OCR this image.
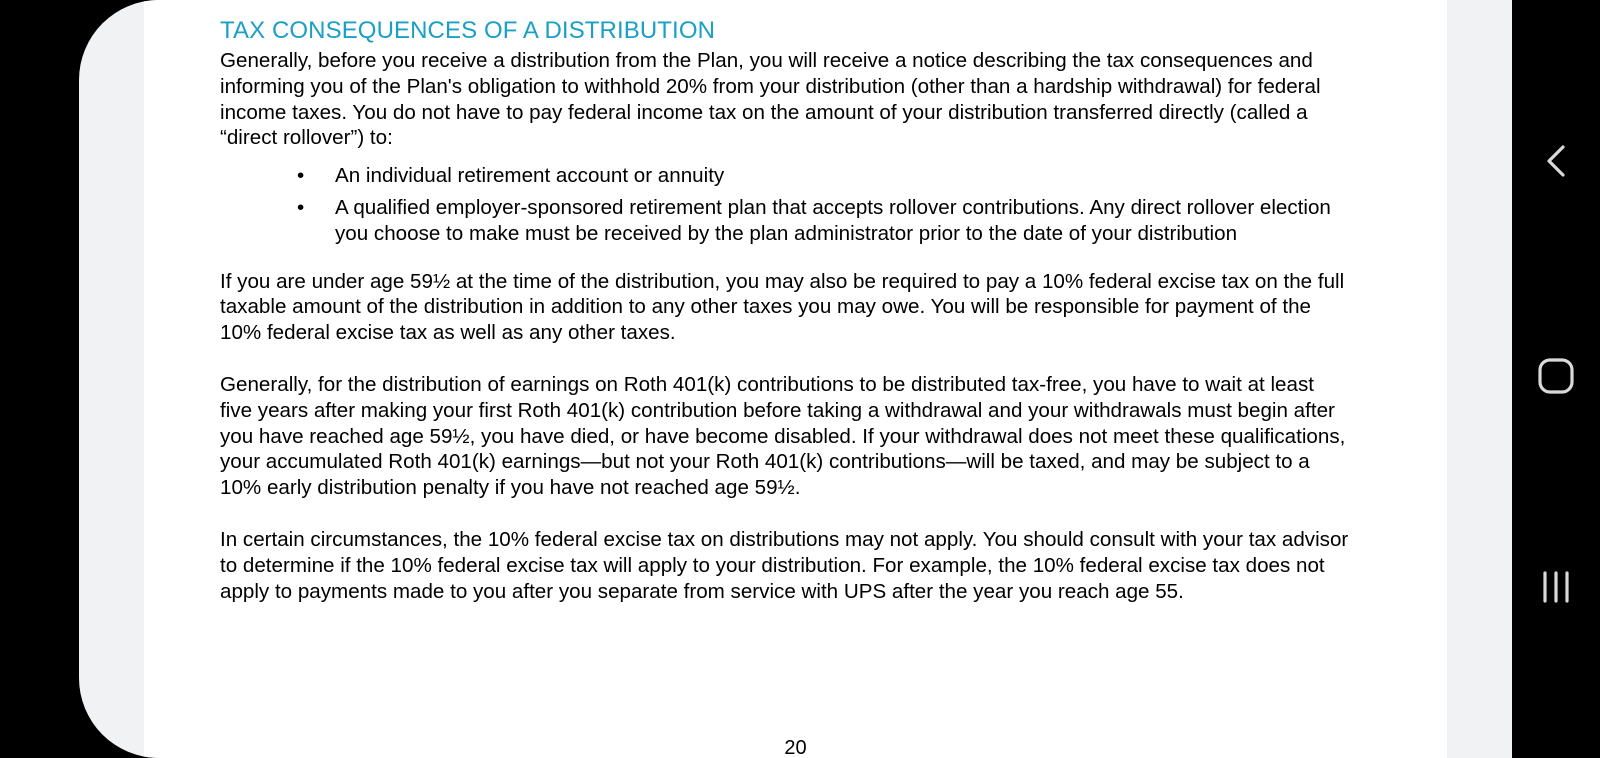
TAX CONSEQUENCES OF A DISTRIBUTION

Generally, before you receive a distribution from the Plan, you will receive a notice describing the tax consequences and informing you of the Plan's obligation to withhold 20% from your distribution (other than a hardship withdrawal) for federal income taxes. You do not have to pay federal income tax on the amount of your distribution transferred directly (called a “direct rollover”) to:

• An individual retirement account or annuity
• A qualified employer-sponsored retirement plan that accepts rollover contributions. Any direct rollover election you choose to make must be received by the plan administrator prior to the date of your distribution

If you are under age 59½ at the time of the distribution, you may also be required to pay a 10% federal excise tax on the full taxable amount of the distribution in addition to any other taxes you may owe. You will be responsible for payment of the 10% federal excise tax as well as any other taxes.

Generally, for the distribution of earnings on Roth 401(k) contributions to be distributed tax-free, you have to wait at least five years after making your first Roth 401(k) contribution before taking a withdrawal and your withdrawals must begin after you have reached age 59½, you have died, or have become disabled. If your withdrawal does not meet these qualifications, your accumulated Roth 401(k) earnings—but not your Roth 401(k) contributions—will be taxed, and may be subject to a 10% early distribution penalty if you have not reached age 59½.

In certain circumstances, the 10% federal excise tax on distributions may not apply. You should consult with your tax advisor to determine if the 10% federal excise tax will apply to your distribution. For example, the 10% federal excise tax does not apply to payments made to you after you separate from service with UPS after the year you reach age 55.

20
